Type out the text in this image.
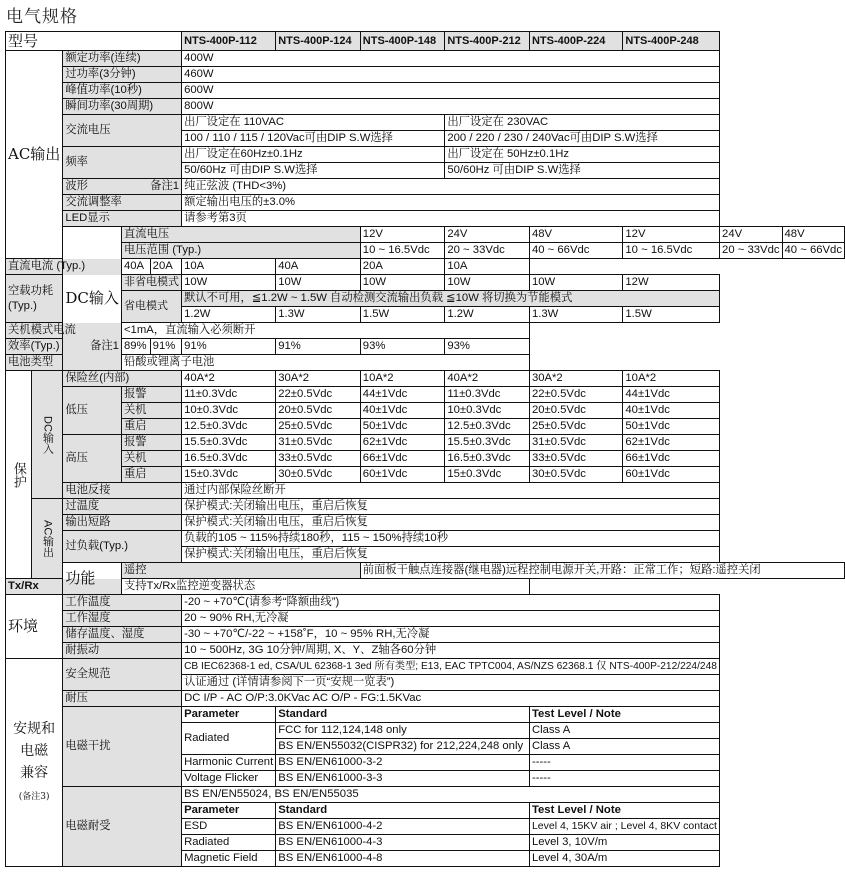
电气规格
型号					NTS-400P-112	NTS-400P-124	NTS-400P-148	NTS-400P-212	NTS-400P-224	NTS-400P-248		
AC输出		额定功率(连续)			400W							
		过功率(3分钟)			460W							
		峰值功率(10秒)			600W							
		瞬间功率(30周期)			800W							
		交流电压			出厂设定在 110VAC			出厂设定在 230VAC				
					100 / 110 / 115 / 120Vac可由DIP S.W选择			200 / 220 / 230 / 240Vac可由DIP S.W选择				
		频率			出厂设定在60Hz±0.1Hz			出厂设定在 50Hz±0.1Hz				
					50/60Hz 可由DIP S.W选择			50/60Hz 可由DIP S.W选择				
		波形 备注1			纯正弦波 (THD<3%)							
		交流调整率			额定输出电压的±3.0%							
		LED显示			请参考第3页							
		DC输入	直流电压				12V	24V	48V	12V	24V	48V
			电压范围 (Typ.)				10 ~ 16.5Vdc	20 ~ 33Vdc	40 ~ 66Vdc	10 ~ 16.5Vdc	20 ~ 33Vdc	40 ~ 66Vdc
直流电流 (Typ.)			40A	20A	10A	40A	20A	10A				
空载功耗
(Typ.)			非省电模式		10W	10W	10W	10W	10W	12W		
			省电模式		默认不可用，≦1.2W ~ 1.5W 自动检测交流输出负载 ≦10W 将切换为节能模式							
					1.2W	1.3W	1.5W	1.2W	1.3W	1.5W		
关机模式电流			<1mA，直流输入必须断开									
效率(Typ.) 备注1			89%	91%	91%	91%	93%	93%				
电池类型			铅酸或锂离子电池									
保护	DC输入	保险丝(内部)			40A*2	30A*2	10A*2	40A*2	30A*2	10A*2		
		低压	报警		11±0.3Vdc	22±0.5Vdc	44±1Vdc	11±0.3Vdc	22±0.5Vdc	44±1Vdc		
			关机		10±0.3Vdc	20±0.5Vdc	40±1Vdc	10±0.3Vdc	20±0.5Vdc	40±1Vdc		
			重启		12.5±0.3Vdc	25±0.5Vdc	50±1Vdc	12.5±0.3Vdc	25±0.5Vdc	50±1Vdc		
		高压	报警		15.5±0.3Vdc	31±0.5Vdc	62±1Vdc	15.5±0.3Vdc	31±0.5Vdc	62±1Vdc		
			关机		16.5±0.3Vdc	33±0.5Vdc	66±1Vdc	16.5±0.3Vdc	33±0.5Vdc	66±1Vdc		
			重启		15±0.3Vdc	30±0.5Vdc	60±1Vdc	15±0.3Vdc	30±0.5Vdc	60±1Vdc		
		电池反接			通过内部保险丝断开							
	AC输出	过温度			保护模式:关闭输出电压，重启后恢复							
		输出短路			保护模式:关闭输出电压，重启后恢复							
		过负载(Typ.)			负载的105 ~ 115%持续180秒，115 ~ 150%持续10秒							
					保护模式:关闭输出电压，重启后恢复							
		功能	遥控				前面板干触点连接器(继电器)远程控制电源开关,开路：正常工作；短路:遥控关闭					
Tx/Rx			支持Tx/Rx监控逆变器状态									
环境		工作温度			-20 ~ +70℃(请参考“降额曲线”)							
		工作湿度			20 ~ 90% RH,无冷凝							
		储存温度、湿度			-30 ~ +70℃/-22 ~ +158˚F，10 ~ 95% RH,无冷凝							
		耐振动			10 ~ 500Hz, 3G 10分钟/周期, X、Y、Z轴各60分钟							
安规和
电磁
兼容
(备注3)		安全规范			CB IEC62368-1 ed, CSA/UL 62368-1 3ed 所有类型; E13, EAC TPTC004, AS/NZS 62368.1 仅 NTS-400P-212/224/248							
					认证通过 (详情请参阅下一页“安规一览表”)							
		耐压			DC I/P - AC O/P:3.0KVac AC O/P - FG:1.5KVac							
		电磁干扰			Parameter	Standard			Test Level / Note			
					Radiated	FCC for 112,124,148 only			Class A			
						BS EN/EN55032(CISPR32) for 212,224,248 only			Class A			
					Harmonic Current	BS EN/EN61000-3-2			-----			
					Voltage Flicker	BS EN/EN61000-3-3			-----			
		电磁耐受			BS EN/EN55024, BS EN/EN55035							
					Parameter	Standard			Test Level / Note			
					ESD	BS EN/EN61000-4-2			Level 4, 15KV air ; Level 4, 8KV contact			
					Radiated	BS EN/EN61000-4-3			Level 3, 10V/m			
					Magnetic Field	BS EN/EN61000-4-8			Level 4, 30A/m			
